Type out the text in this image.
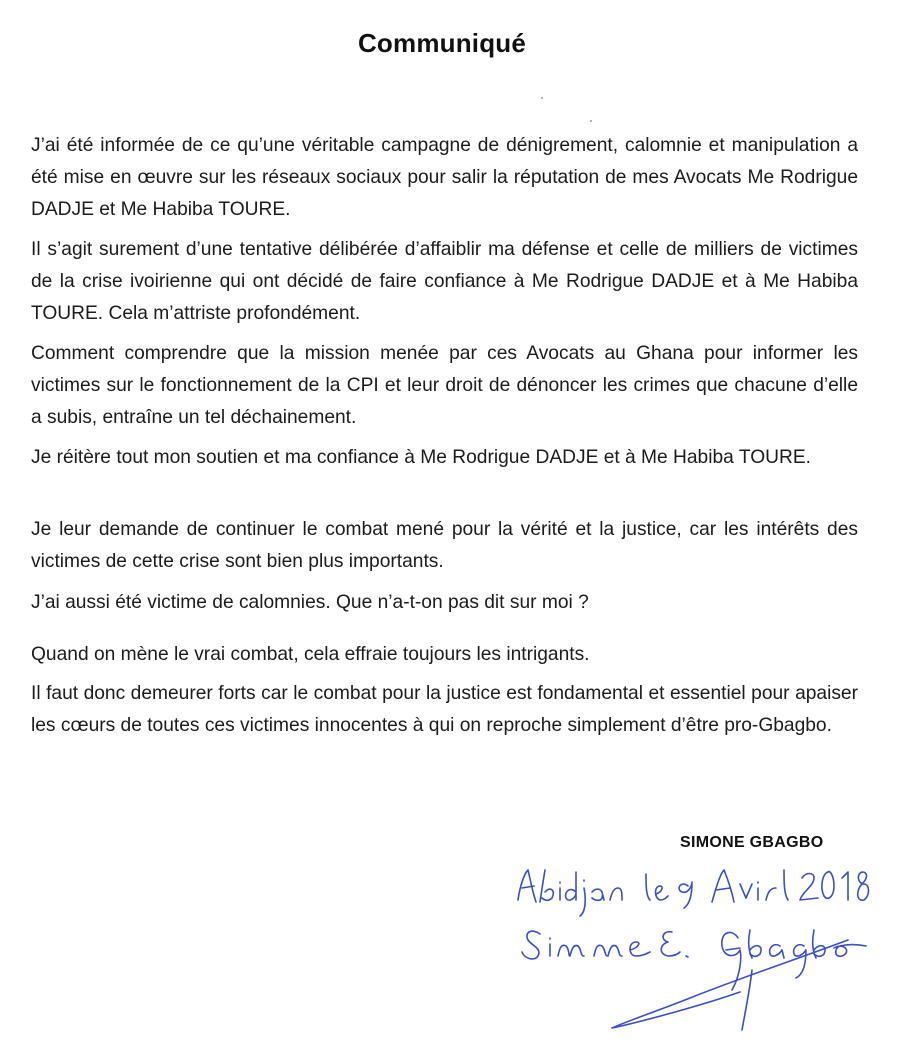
Communiqué

J’ai été informée de ce qu’une véritable campagne de dénigrement, calomnie et manipulation a été mise en œuvre sur les réseaux sociaux pour salir la réputation de mes Avocats Me Rodrigue DADJE et Me Habiba TOURE.

Il s’agit surement d’une tentative délibérée d’affaiblir ma défense et celle de milliers de victimes de la crise ivoirienne qui ont décidé de faire confiance à Me Rodrigue DADJE et à Me Habiba TOURE. Cela m’attriste profondément.

Comment comprendre que la mission menée par ces Avocats au Ghana pour informer les victimes sur le fonctionnement de la CPI et leur droit de dénoncer les crimes que chacune d’elle a subis, entraîne un tel déchainement.

Je réitère tout mon soutien et ma confiance à Me Rodrigue DADJE et à Me Habiba TOURE.

Je leur demande de continuer le combat mené pour la vérité et la justice, car les intérêts des victimes de cette crise sont bien plus importants.

J’ai aussi été victime de calomnies. Que n’a-t-on pas dit sur moi ?

Quand on mène le vrai combat, cela effraie toujours les intrigants.

Il faut donc demeurer forts car le combat pour la justice est fondamental et essentiel pour apaiser les cœurs de toutes ces victimes innocentes à qui on reproche simplement d’être pro-Gbagbo.

SIMONE GBAGBO
